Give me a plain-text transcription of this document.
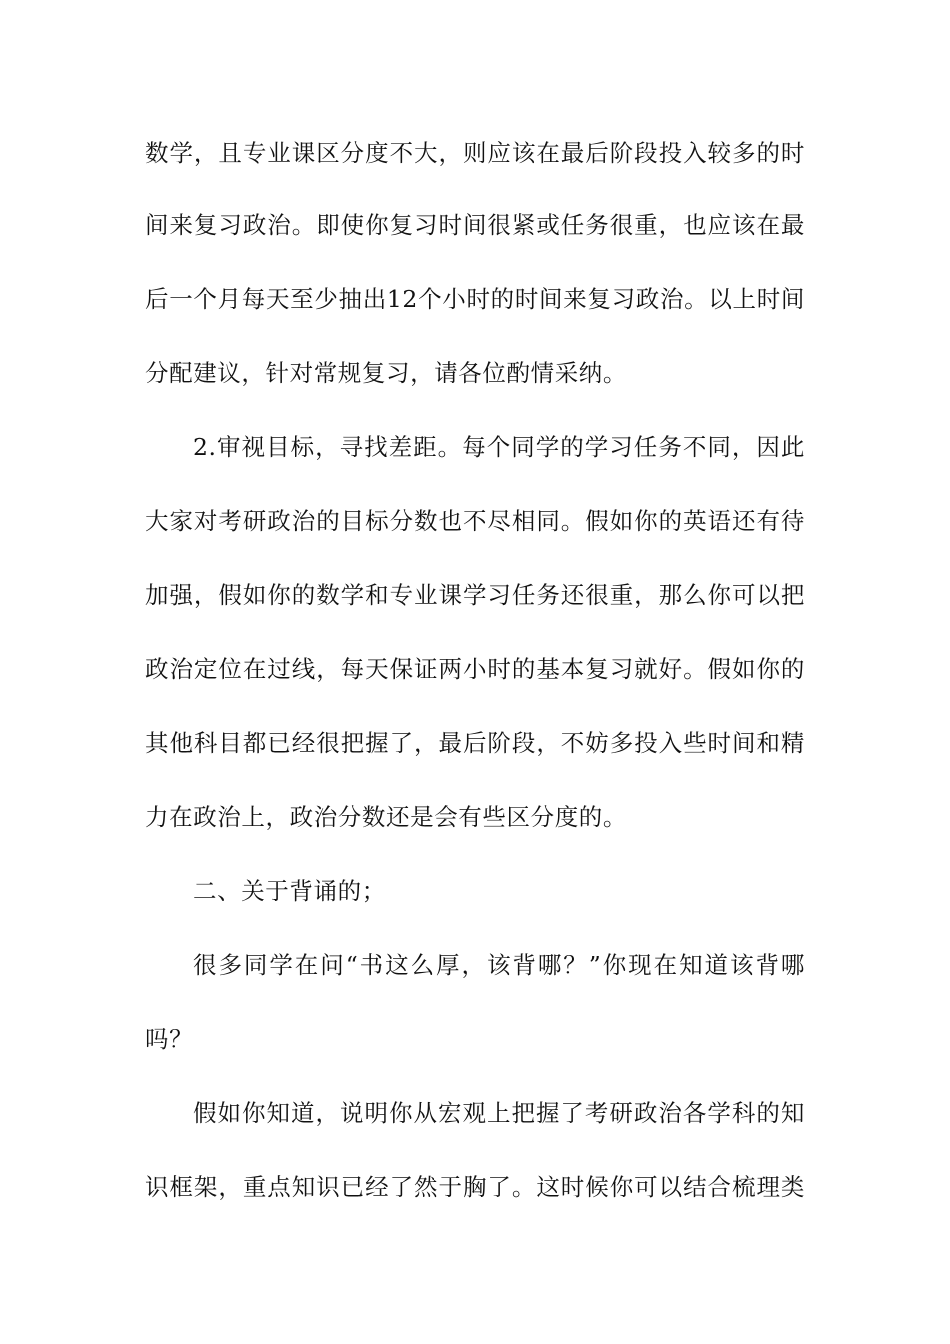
数学，且专业课区分度不大，则应该在最后阶段投入较多的时
间来复习政治。即使你复习时间很紧或任务很重，也应该在最
后一个月每天至少抽出12个小时的时间来复习政治。以上时间
分配建议，针对常规复习，请各位酌情采纳。
2.审视目标，寻找差距。每个同学的学习任务不同，因此
大家对考研政治的目标分数也不尽相同。假如你的英语还有待
加强，假如你的数学和专业课学习任务还很重，那么你可以把
政治定位在过线，每天保证两小时的基本复习就好。假如你的
其他科目都已经很把握了，最后阶段，不妨多投入些时间和精
力在政治上，政治分数还是会有些区分度的。
二、关于背诵的；
很多同学在问“书这么厚，该背哪？”你现在知道该背哪
吗？
假如你知道，说明你从宏观上把握了考研政治各学科的知
识框架，重点知识已经了然于胸了。这时候你可以结合梳理类
